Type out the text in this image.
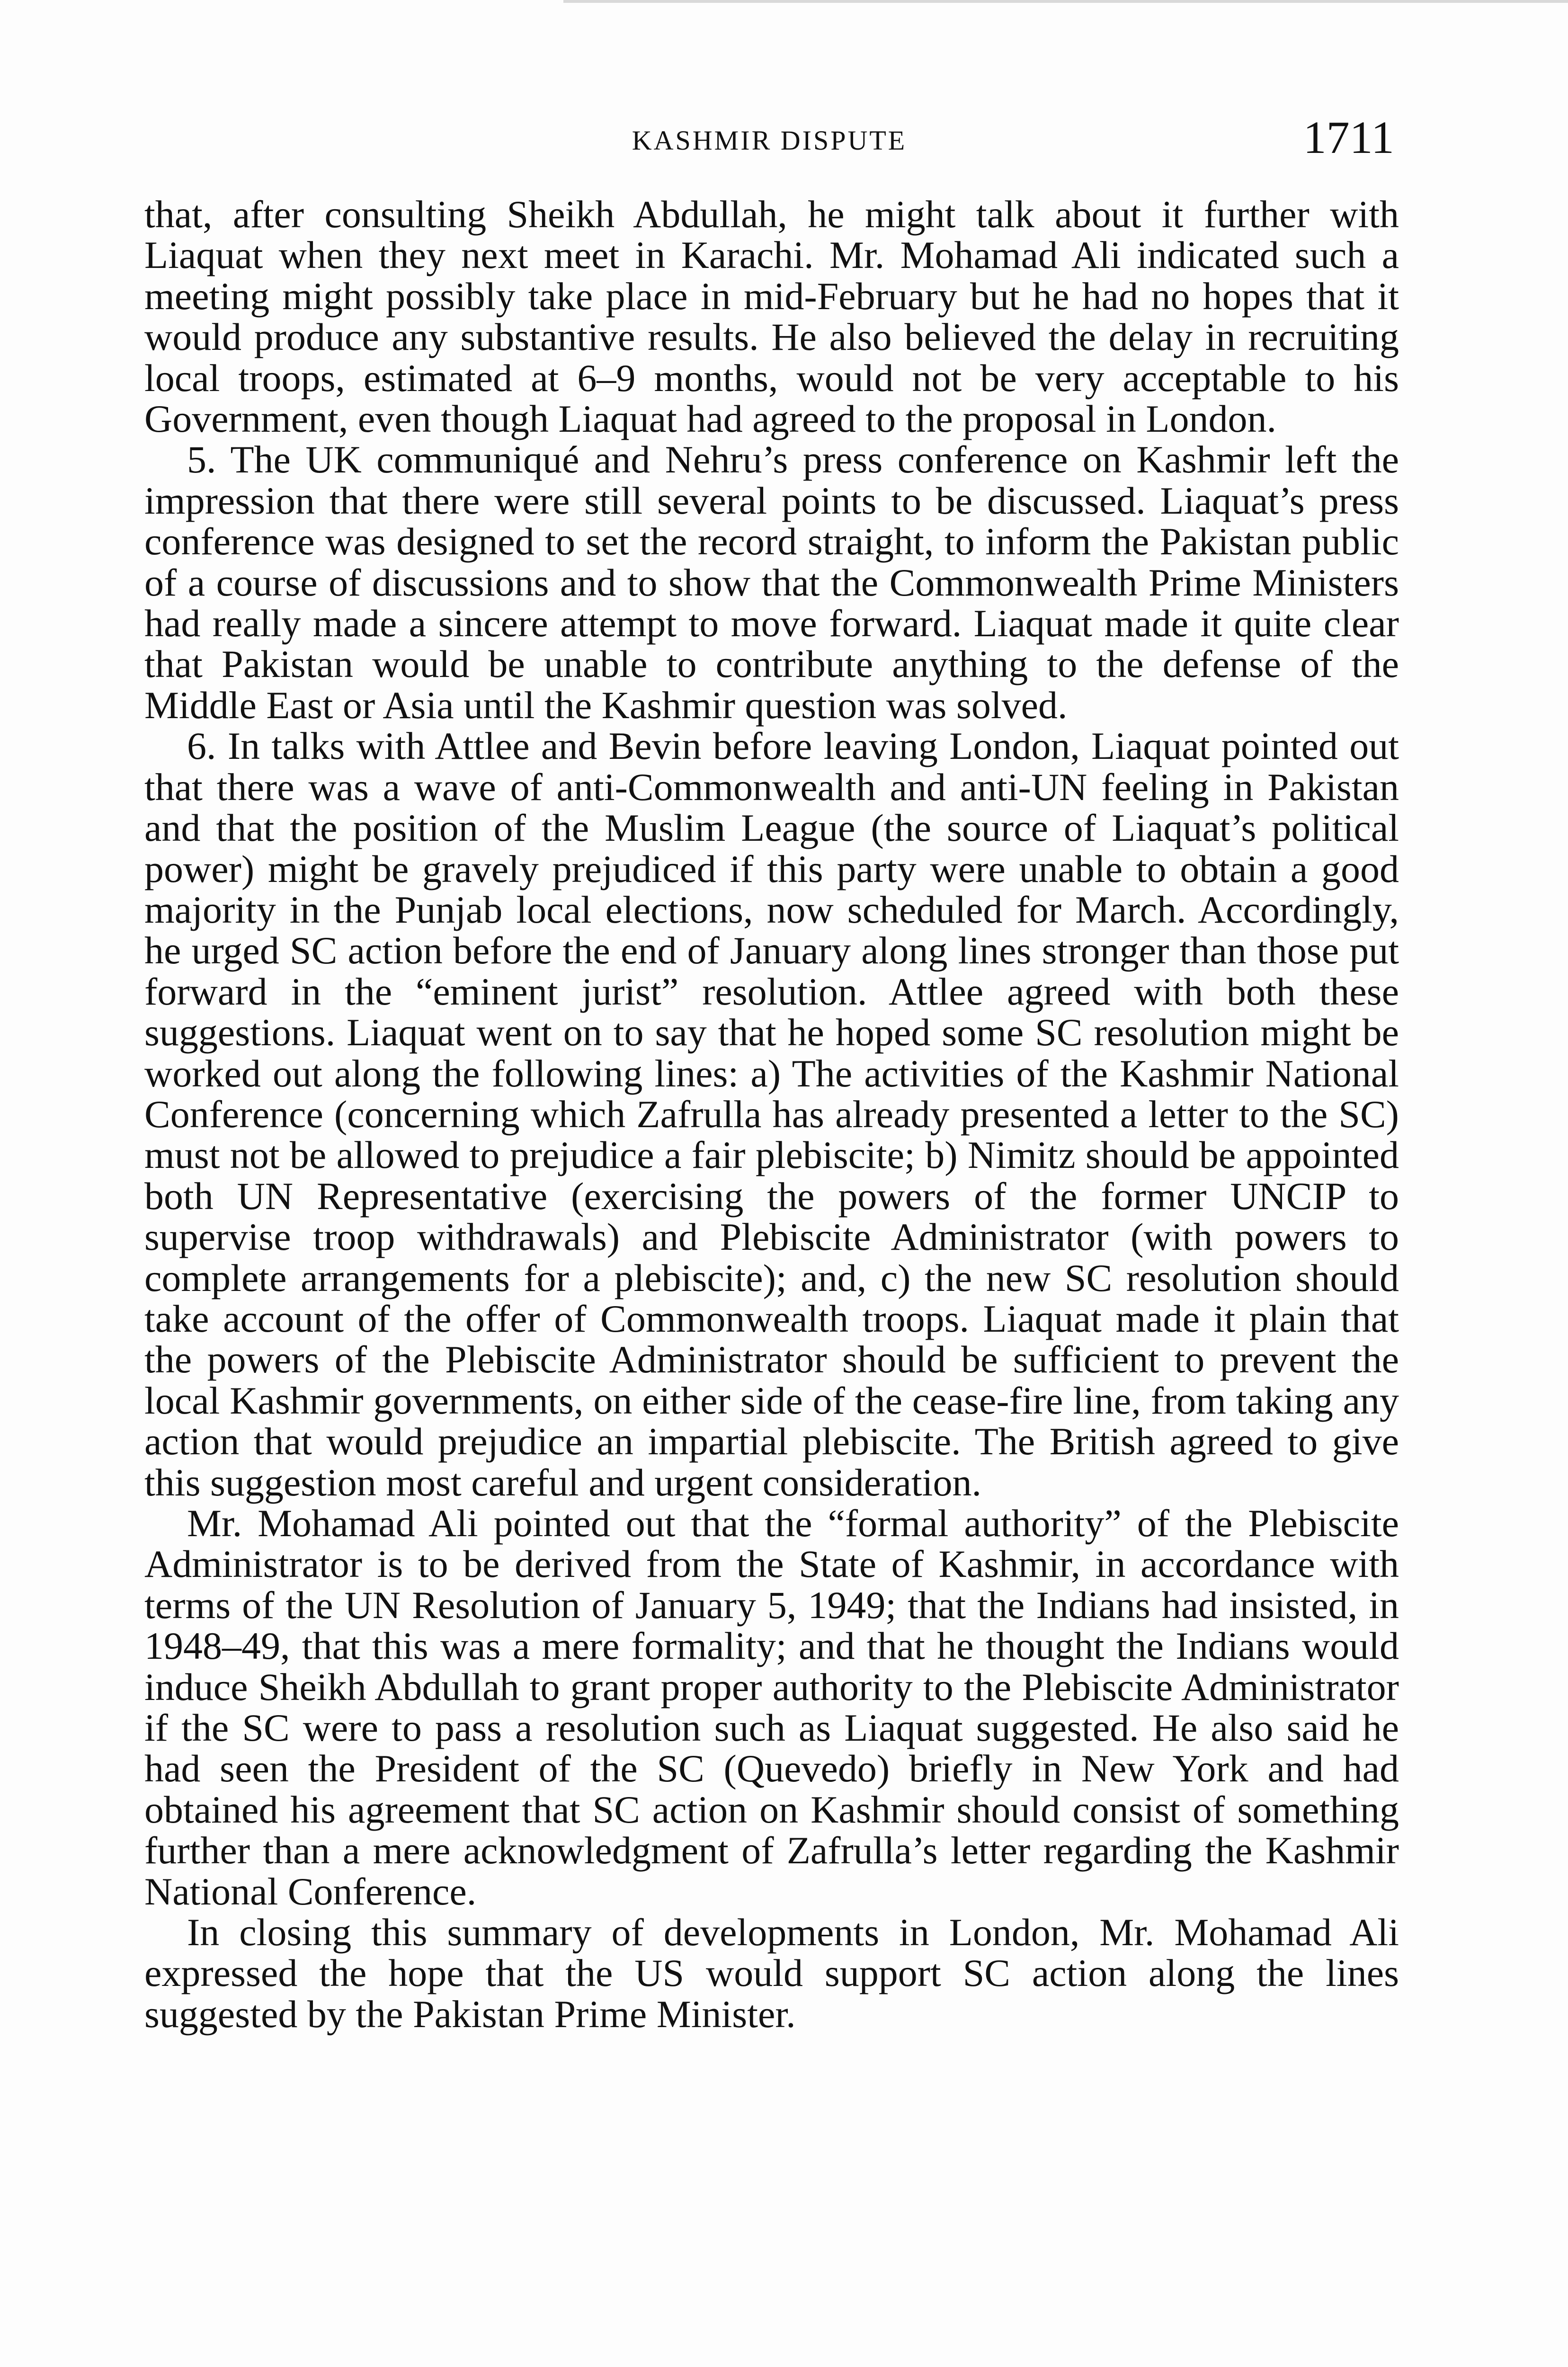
KASHMIR DISPUTE	1711

that, after consulting Sheikh Abdullah, he might talk about it further with Liaquat when they next meet in Karachi. Mr. Mohamad Ali indicated such a meeting might possibly take place in mid-February but he had no hopes that it would produce any substantive results. He also believed the delay in recruiting local troops, estimated at 6–9 months, would not be very acceptable to his Government, even though Liaquat had agreed to the proposal in London.

5. The UK communiqué and Nehru’s press conference on Kashmir left the impression that there were still several points to be discussed. Liaquat’s press conference was designed to set the record straight, to inform the Pakistan public of a course of discussions and to show that the Commonwealth Prime Ministers had really made a sincere attempt to move forward. Liaquat made it quite clear that Pakistan would be unable to contribute anything to the defense of the Middle East or Asia until the Kashmir question was solved.

6. In talks with Attlee and Bevin before leaving London, Liaquat pointed out that there was a wave of anti-Commonwealth and anti-UN feeling in Pakistan and that the position of the Muslim League (the source of Liaquat’s political power) might be gravely prejudiced if this party were unable to obtain a good majority in the Punjab local elections, now scheduled for March. Accordingly, he urged SC action before the end of January along lines stronger than those put forward in the “eminent jurist” resolution. Attlee agreed with both these suggestions. Liaquat went on to say that he hoped some SC resolution might be worked out along the following lines: a) The activities of the Kashmir National Conference (concerning which Zafrulla has already presented a letter to the SC) must not be allowed to prejudice a fair plebiscite; b) Nimitz should be appointed both UN Representative (exercising the powers of the former UNCIP to supervise troop withdrawals) and Plebiscite Administrator (with powers to complete arrangements for a plebiscite); and, c) the new SC resolution should take account of the offer of Commonwealth troops. Liaquat made it plain that the powers of the Plebiscite Administrator should be sufficient to prevent the local Kashmir governments, on either side of the cease-fire line, from taking any action that would prejudice an impartial plebiscite. The British agreed to give this suggestion most careful and urgent consideration.

Mr. Mohamad Ali pointed out that the “formal authority” of the Plebiscite Administrator is to be derived from the State of Kashmir, in accordance with terms of the UN Resolution of January 5, 1949; that the Indians had insisted, in 1948–49, that this was a mere formality; and that he thought the Indians would induce Sheikh Abdullah to grant proper authority to the Plebiscite Administrator if the SC were to pass a resolution such as Liaquat suggested. He also said he had seen the President of the SC (Quevedo) briefly in New York and had obtained his agreement that SC action on Kashmir should consist of something further than a mere acknowledgment of Zafrulla’s letter regarding the Kashmir National Conference.

In closing this summary of developments in London, Mr. Mohamad Ali expressed the hope that the US would support SC action along the lines suggested by the Pakistan Prime Minister.
